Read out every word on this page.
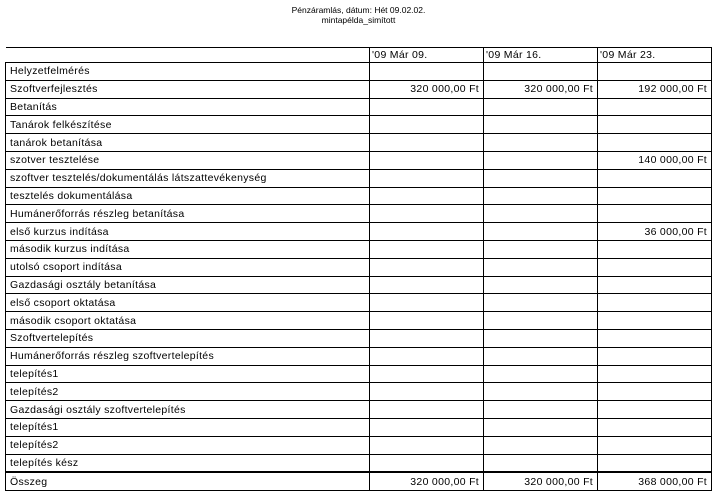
Pénzáramlás, dátum: Hét 09.02.02.
mintapélda_simított
	'09 Már 09.	'09 Már 16.	'09 Már 23.
Helyzetfelmérés			
Szoftverfejlesztés	320 000,00 Ft	320 000,00 Ft	192 000,00 Ft
Betanítás			
Tanárok felkészítése			
tanárok betanítása			
szotver tesztelése			140 000,00 Ft
szoftver tesztelés/dokumentálás látszattevékenység			
tesztelés dokumentálása			
Humánerőforrás részleg betanítása			
első kurzus indítása			36 000,00 Ft
második kurzus indítása			
utolsó csoport indítása			
Gazdasági osztály betanítása			
első csoport oktatása			
második csoport oktatása			
Szoftvertelepítés			
Humánerőforrás részleg szoftvertelepítés			
telepítés1			
telepítés2			
Gazdasági osztály szoftvertelepítés			
telepítés1			
telepítés2			
telepítés kész			
Összeg	320 000,00 Ft	320 000,00 Ft	368 000,00 Ft
